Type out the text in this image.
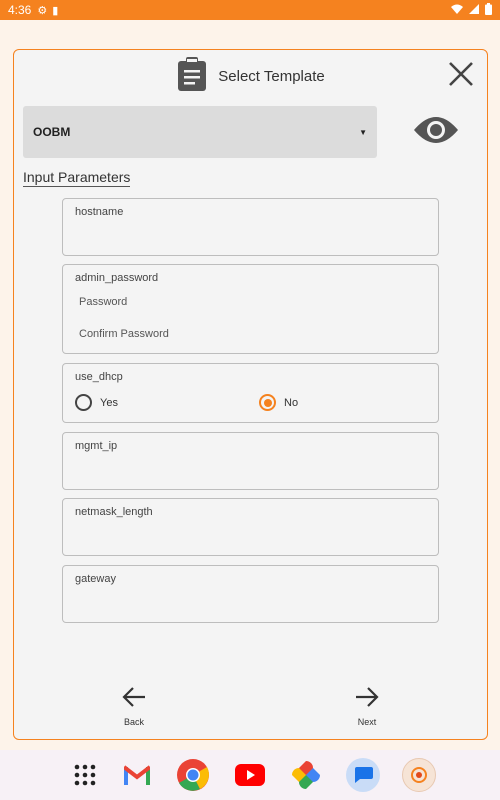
4:36 ⚙ ▮
Select Template
OOBM	▼
Input Parameters
hostname
admin_password
Password
Confirm Password
use_dhcp
Yes	No
mgmt_ip
netmask_length
gateway
Back	Next
